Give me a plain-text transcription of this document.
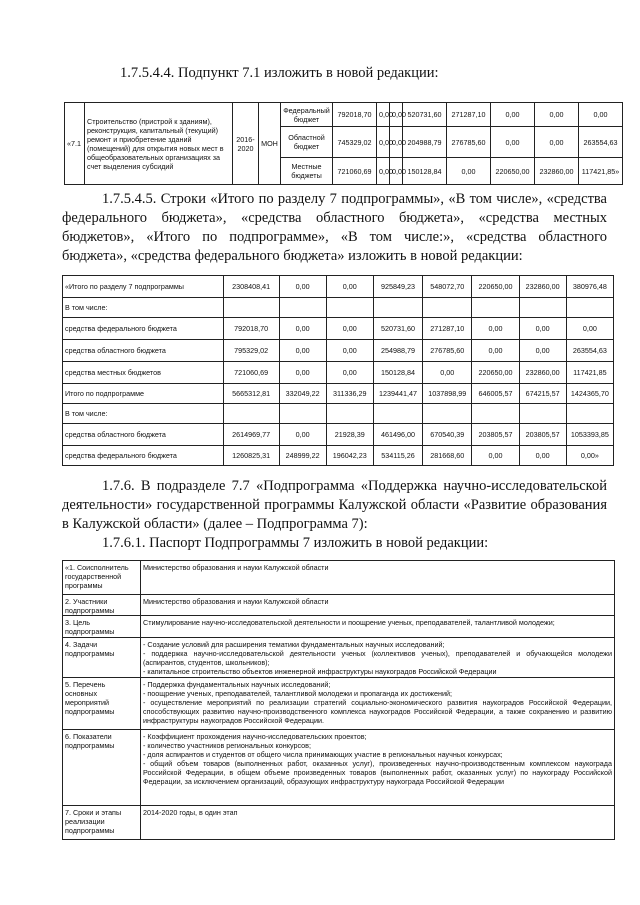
1.7.5.4.4. Подпункт 7.1 изложить в новой редакции:
«7.1	Строительство (пристрой к зданиям), реконструкция, капитальный (текущий) ремонт и приобретение зданий (помещений) для открытия новых мест в общеобразовательных организациях за счет выделения субсидий	2016-2020	МОН	Федеральный бюджет	792018,70	0,00	0,00	520731,60	271287,10	0,00	0,00	0,00
				Областной бюджет	745329,02	0,00	0,00	204988,79	276785,60	0,00	0,00	263554,63
				Местные бюджеты	721060,69	0,00	0,00	150128,84	0,00	220650,00	232860,00	117421,85»
1.7.5.4.5. Строки «Итого по разделу 7 подпрограммы», «В том числе», «средства федерального бюджета», «средства областного бюджета», «средства местных бюджетов», «Итого по подпрограмме», «В том числе:», «средства областного бюджета», «средства федерального бюджета» изложить в новой редакции:
«Итого по разделу 7 подпрограммы	2308408,41	0,00	0,00	925849,23	548072,70	220650,00	232860,00	380976,48
В том числе:								
средства федерального бюджета	792018,70	0,00	0,00	520731,60	271287,10	0,00	0,00	0,00
средства областного бюджета	795329,02	0,00	0,00	254988,79	276785,60	0,00	0,00	263554,63
средства местных бюджетов	721060,69	0,00	0,00	150128,84	0,00	220650,00	232860,00	117421,85
Итого по подпрограмме	5665312,81	332049,22	311336,29	1239441,47	1037898,99	646005,57	674215,57	1424365,70
В том числе:								
средства областного бюджета	2614969,77	0,00	21928,39	461496,00	670540,39	203805,57	203805,57	1053393,85
средства федерального бюджета	1260825,31	248999,22	196042,23	534115,26	281668,60	0,00	0,00	0,00»
1.7.6. В подразделе 7.7 «Подпрограмма «Поддержка научно-исследовательской деятельности» государственной программы Калужской области «Развитие образования в Калужской области» (далее – Подпрограмма 7):
1.7.6.1. Паспорт Подпрограммы 7 изложить в новой редакции:
«1. Соисполнитель государственной программы	Министерство образования и науки Калужской области

2. Участники подпрограммы	Министерство образования и науки Калужской области

3. Цель подпрограммы	Стимулирование научно-исследовательской деятельности и поощрение ученых, преподавателей, талантливой молодежи;

4. Задачи подпрограммы	- Создание условий для расширения тематики фундаментальных научных исследований;
- поддержка научно-исследовательской деятельности ученых (коллективов ученых), преподавателей и обучающейся молодежи (аспирантов, студентов, школьников);
- капитальное строительство объектов инженерной инфраструктуры наукоградов Российской Федерации

5. Перечень основных мероприятий подпрограммы	- Поддержка фундаментальных научных исследований;
- поощрение ученых, преподавателей, талантливой молодежи и пропаганда их достижений;
- осуществление мероприятий по реализации стратегий социально-экономического развития наукоградов Российской Федерации, способствующих развитию научно-производственного комплекса наукоградов Российской Федерации, а также сохранению и развитию инфраструктуры наукоградов Российской Федерации.

6. Показатели подпрограммы	- Коэффициент прохождения научно-исследовательских проектов;
- количество участников региональных конкурсов;
- доля аспирантов и студентов от общего числа принимающих участие в региональных научных конкурсах;
- общий объем товаров (выполненных работ, оказанных услуг), произведенных научно-производственным комплексом наукограда Российской Федерации, в общем объеме произведенных товаров (выполненных работ, оказанных услуг) по наукограду Российской Федерации, за исключением организаций, образующих инфраструктуру наукограда Российской Федерации

7. Сроки и этапы реализации подпрограммы	2014-2020 годы, в один этап
